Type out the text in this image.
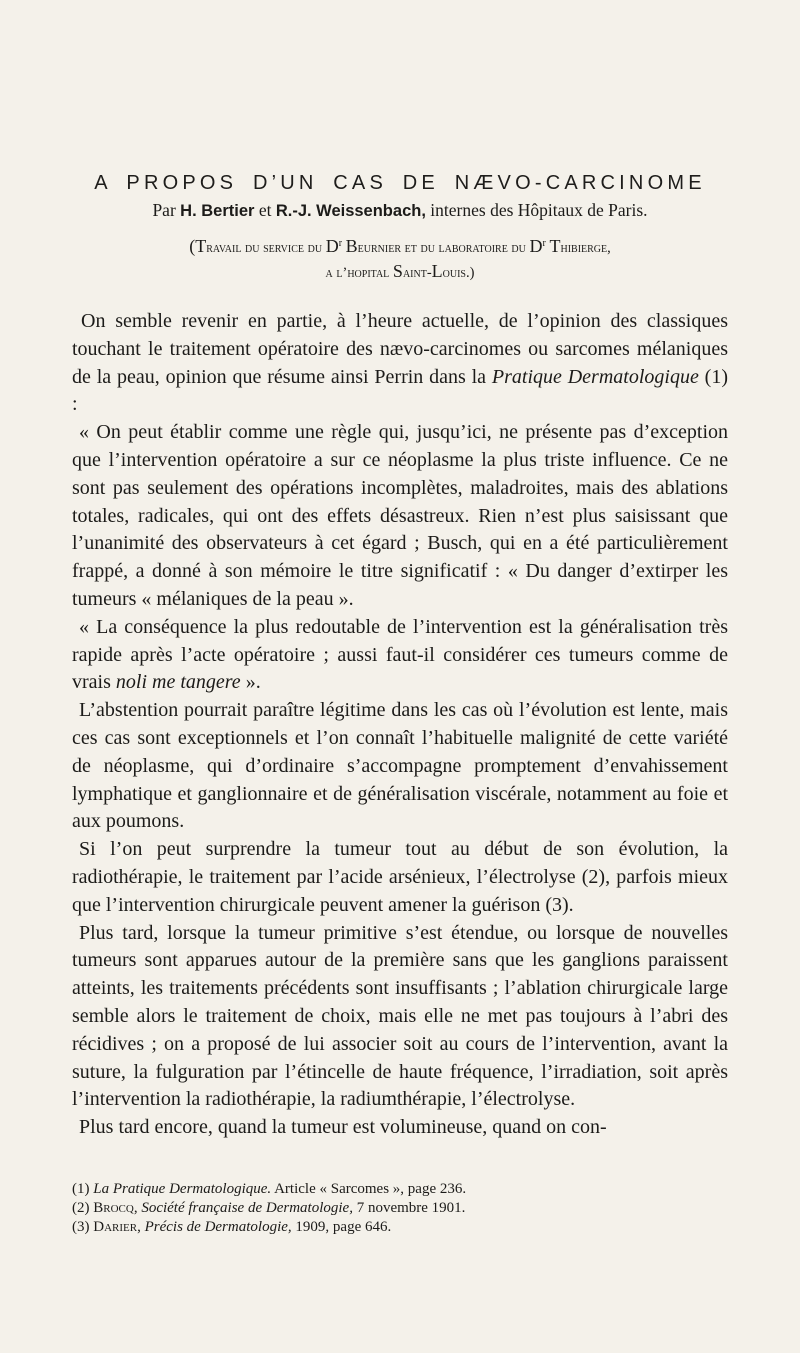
A PROPOS D’UN CAS DE NÆVO-CARCINOME
Par H. Bertier et R.-J. Weissenbach, internes des Hôpitaux de Paris.
(Travail du service du $D^r$ Beurnier et du laboratoire du $D^r$ Thibierge,
a l’hopital Saint-Louis.)

On semble revenir en partie, à l’heure actuelle, de l’opinion des classiques touchant le traitement opératoire des nævo-carcinomes ou sarcomes mélaniques de la peau, opinion que résume ainsi Perrin dans la Pratique Dermatologique (1) :

« On peut établir comme une règle qui, jusqu’ici, ne présente pas d’exception que l’intervention opératoire a sur ce néoplasme la plus triste influence. Ce ne sont pas seulement des opérations incomplètes, maladroites, mais des ablations totales, radicales, qui ont des effets désastreux. Rien n’est plus saisissant que l’unanimité des observateurs à cet égard ; Busch, qui en a été particulièrement frappé, a donné à son mémoire le titre significatif : « Du danger d’extirper les tumeurs « mélaniques de la peau ».

« La conséquence la plus redoutable de l’intervention est la généralisation très rapide après l’acte opératoire ; aussi faut-il considérer ces tumeurs comme de vrais noli me tangere ».

L’abstention pourrait paraître légitime dans les cas où l’évolution est lente, mais ces cas sont exceptionnels et l’on connaît l’habituelle malignité de cette variété de néoplasme, qui d’ordinaire s’accompagne promptement d’envahissement lymphatique et ganglionnaire et de généralisation viscérale, notamment au foie et aux poumons.

Si l’on peut surprendre la tumeur tout au début de son évolution, la radiothérapie, le traitement par l’acide arsénieux, l’électrolyse (2), parfois mieux que l’intervention chirurgicale peuvent amener la guérison (3).

Plus tard, lorsque la tumeur primitive s’est étendue, ou lorsque de nouvelles tumeurs sont apparues autour de la première sans que les ganglions paraissent atteints, les traitements précédents sont insuffisants ; l’ablation chirurgicale large semble alors le traitement de choix, mais elle ne met pas toujours à l’abri des récidives ; on a proposé de lui associer soit au cours de l’intervention, avant la suture, la fulguration par l’étincelle de haute fréquence, l’irradiation, soit après l’intervention la radiothérapie, la radiumthérapie, l’électrolyse.

Plus tard encore, quand la tumeur est volumineuse, quand on con-

(1) La Pratique Dermatologique. Article « Sarcomes », page 236.
(2) Brocq, Société française de Dermatologie, 7 novembre 1901.
(3) Darier, Précis de Dermatologie, 1909, page 646.
